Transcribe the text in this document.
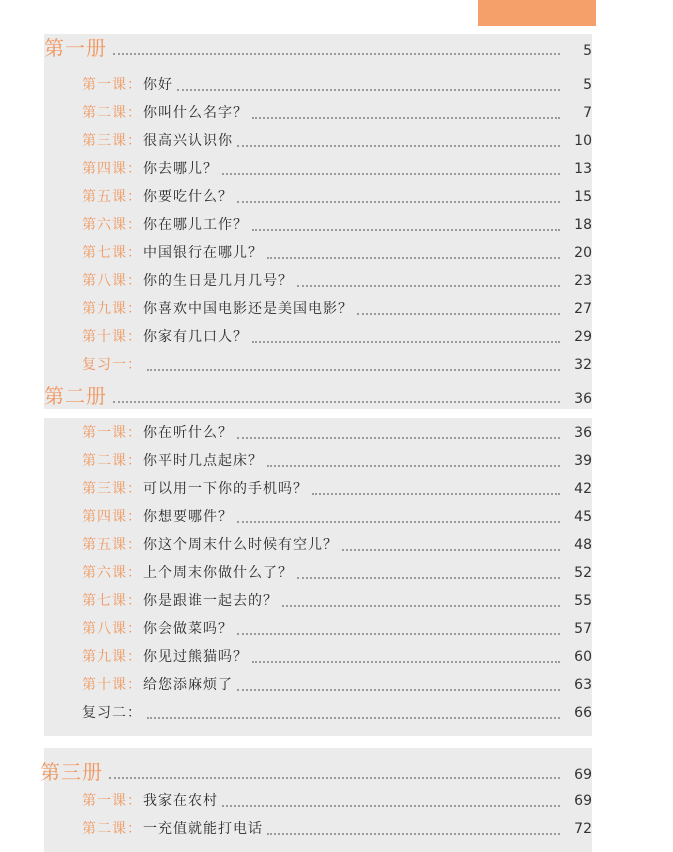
第一册	5
第一课： 你好	5
第二课： 你叫什么名字？	7
第三课： 很高兴认识你	10
第四课： 你去哪儿？	13
第五课： 你要吃什么？	15
第六课： 你在哪儿工作？	18
第七课： 中国银行在哪儿？	20
第八课： 你的生日是几月几号？	23
第九课： 你喜欢中国电影还是美国电影？	27
第十课： 你家有几口人？	29
复习一：	32
第二册	36
第一课： 你在听什么？	36
第二课： 你平时几点起床？	39
第三课： 可以用一下你的手机吗？	42
第四课： 你想要哪件？	45
第五课： 你这个周末什么时候有空儿？	48
第六课： 上个周末你做什么了？	52
第七课： 你是跟谁一起去的？	55
第八课： 你会做菜吗？	57
第九课： 你见过熊猫吗？	60
第十课： 给您添麻烦了	63
复习二：	66
第三册	69
第一课： 我家在农村	69
第二课： 一充值就能打电话	72
